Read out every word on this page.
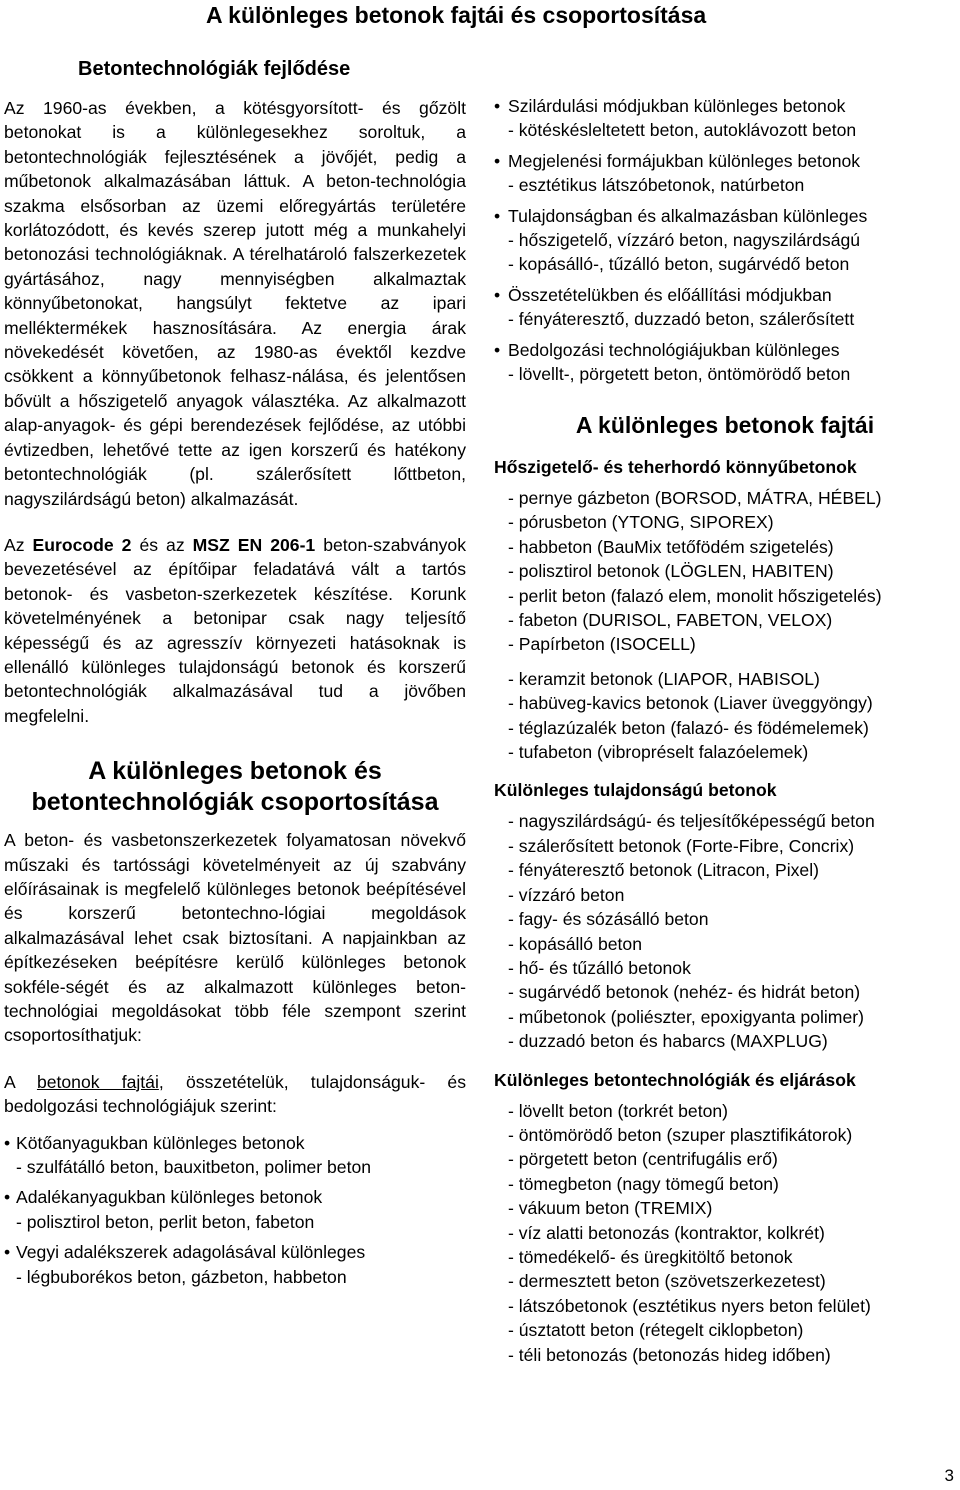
A különleges betonok fajtái és csoportosítása
Betontechnológiák fejlődése

Az 1960-as években, a kötésgyorsított- és gőzölt betonokat is a különlegesekhez soroltuk, a betontechnológiák fejlesztésének a jövőjét, pedig a műbetonok alkalmazásában láttuk. A beton-technológia szakma elsősorban az üzemi előregyártás területére korlátozódott, és kevés szerep jutott még a munkahelyi betonozási technológiáknak. A térelhatároló falszerkezetek gyártásához, nagy mennyiségben alkalmaztak könnyűbetonokat, hangsúlyt fektetve az ipari melléktermékek hasznosítására. Az energia árak növekedését követően, az 1980-as évektől kezdve csökkent a könnyűbetonok felhasz-nálása, és jelentősen bővült a hőszigetelő anyagok választéka. Az alkalmazott alap-anyagok- és gépi berendezések fejlődése, az utóbbi évtizedben, lehetővé tette az igen korszerű és hatékony betontechnológiák (pl. szálerősített lőttbeton, nagyszilárdságú beton) alkalmazását.

Az Eurocode 2 és az MSZ EN 206-1 beton-szabványok bevezetésével az építőipar feladatává vált a tartós betonok- és vasbeton-szerkezetek készítése. Korunk követelményének a betonipar csak nagy teljesítő képességű és az agresszív környezeti hatásoknak is ellenálló különleges tulajdonságú betonok és korszerű betontechnológiák alkalmazásával tud a jövőben megfelelni.

A különleges betonok és betontechnológiák csoportosítása

A beton- és vasbetonszerkezetek folyamatosan növekvő műszaki és tartóssági követelményeit az új szabvány előírásainak is megfelelő különleges betonok beépítésével és korszerű betontechno-lógiai megoldások alkalmazásával lehet csak biztosítani. A napjainkban az építkezéseken beépítésre kerülő különleges betonok sokféle-ségét és az alkalmazott különleges beton-technológiai megoldásokat több féle szempont szerint csoportosíthatjuk:

A betonok fajtái, összetételük, tulajdonságuk- és bedolgozási technológiájuk szerint:

• Kötőanyagukban különleges betonok
- szulfátálló beton, bauxitbeton, polimer beton
• Adalékanyagukban különleges betonok
- polisztirol beton, perlit beton, fabeton
• Vegyi adalékszerek adagolásával különleges
- légbuborékos beton, gázbeton, habbeton
• Szilárdulási módjukban különleges betonok
- kötéskésleltetett beton, autoklávozott beton
• Megjelenési formájukban különleges betonok
- esztétikus látszóbetonok, natúrbeton
• Tulajdonságban és alkalmazásban különleges
- hőszigetelő, vízzáró beton, nagyszilárdságú
- kopásálló-, tűzálló beton, sugárvédő beton
• Összetételükben és előállítási módjukban
- fényáteresztő, duzzadó beton, szálerősített
• Bedolgozási technológiájukban különleges
- lövellt-, pörgetett beton, öntömörödő beton
A különleges betonok fajtái
Hőszigetelő- és teherhordó könnyűbetonok
- pernye gázbeton (BORSOD, MÁTRA, HÉBEL)
- pórusbeton (YTONG, SIPOREX)
- habbeton (BauMix tetőfödém szigetelés)
- polisztirol betonok (LÖGLEN, HABITEN)
- perlit beton (falazó elem, monolit hőszigetelés)
- fabeton (DURISOL, FABETON, VELOX)
- Papírbeton (ISOCELL)
- keramzit betonok (LIAPOR, HABISOL)
- habüveg-kavics betonok (Liaver üveggyöngy)
- téglazúzalék beton (falazó- és födémelemek)
- tufabeton (vibropréselt falazóelemek)
Különleges tulajdonságú betonok
- nagyszilárdságú- és teljesítőképességű beton
- szálerősített betonok (Forte-Fibre, Concrix)
- fényáteresztő betonok (Litracon, Pixel)
- vízzáró beton
- fagy- és sózásálló beton
- kopásálló beton
- hő- és tűzálló betonok
- sugárvédő betonok (nehéz- és hidrát beton)
- műbetonok (poliészter, epoxigyanta polimer)
- duzzadó beton és habarcs (MAXPLUG)
Különleges betontechnológiák és eljárások
- lövellt beton (torkrét beton)
- öntömörödő beton (szuper plasztifikátorok)
- pörgetett beton (centrifugális erő)
- tömegbeton (nagy tömegű beton)
- vákuum beton (TREMIX)
- víz alatti betonozás (kontraktor, kolkrét)
- tömedékelő- és üregkitöltő betonok
- dermesztett beton (szövetszerkezetest)
- látszóbetonok (esztétikus nyers beton felület)
- úsztatott beton (rétegelt ciklopbeton)
- téli betonozás (betonozás hideg időben)
3
